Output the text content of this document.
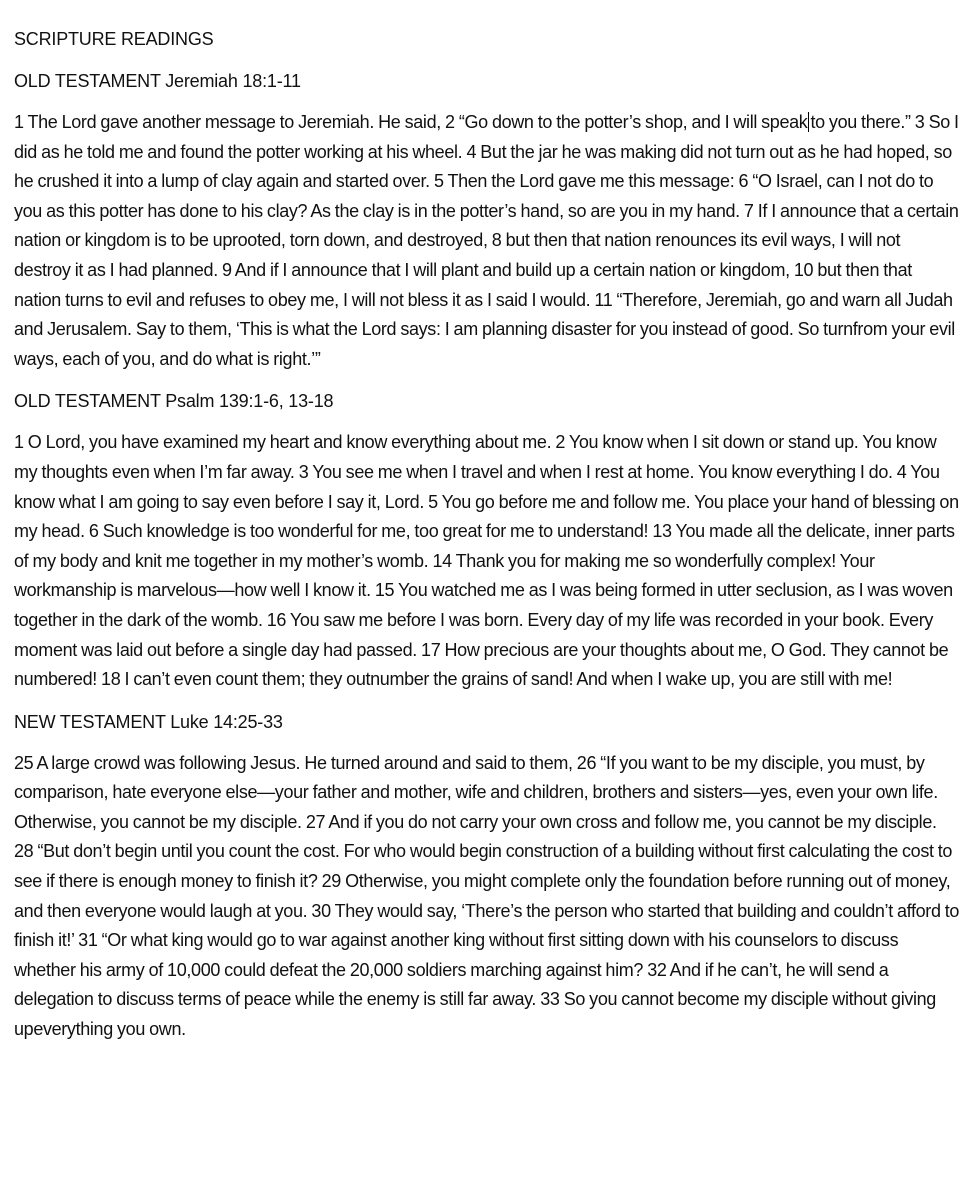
SCRIPTURE READINGS
OLD TESTAMENT Jeremiah 18:1-11

1 The Lord gave another message to Jeremiah. He said, 2 “Go down to the potter’s shop, and I will speak to you there.” 3 So I did as he told me and found the potter working at his wheel. 4 But the jar he was making did not turn out as he had hoped, so he crushed it into a lump of clay again and started over. 5 Then the Lord gave me this message: 6 “O Israel, can I not do to you as this potter has done to his clay? As the clay is in the potter’s hand, so are you in my hand. 7 If I announce that a certain nation or kingdom is to be uprooted, torn down, and destroyed, 8 but then that nation renounces its evil ways, I will not destroy it as I had planned. 9 And if I announce that I will plant and build up a certain nation or kingdom, 10 but then that nation turns to evil and refuses to obey me, I will not bless it as I said I would. 11 “Therefore, Jeremiah, go and warn all Judah and Jerusalem. Say to them, ‘This is what the Lord says: I am planning disaster for you instead of good. So turnfrom your evil ways, each of you, and do what is right.’”

OLD TESTAMENT Psalm 139:1-6, 13-18

1 O Lord, you have examined my heart and know everything about me. 2 You know when I sit down or stand up. You know my thoughts even when I’m far away. 3 You see me when I travel and when I rest at home. You know everything I do. 4 You know what I am going to say even before I say it, Lord. 5 You go before me and follow me. You place your hand of blessing on my head. 6 Such knowledge is too wonderful for me, too great for me to understand! 13 You made all the delicate, inner parts of my body and knit me together in my mother’s womb. 14 Thank you for making me so wonderfully complex! Your workmanship is marvelous—how well I know it. 15 You watched me as I was being formed in utter seclusion, as I was woven together in the dark of the womb. 16 You saw me before I was born. Every day of my life was recorded in your book. Every moment was laid out before a single day had passed. 17 How precious are your thoughts about me, O God. They cannot be numbered! 18 I can’t even count them; they outnumber the grains of sand! And when I wake up, you are still with me!

NEW TESTAMENT Luke 14:25-33

25 A large crowd was following Jesus. He turned around and said to them, 26 “If you want to be my disciple, you must, by comparison, hate everyone else—your father and mother, wife and children, brothers and sisters—yes, even your own life. Otherwise, you cannot be my disciple. 27 And if you do not carry your own cross and follow me, you cannot be my disciple. 28 “But don’t begin until you count the cost. For who would begin construction of a building without first calculating the cost to see if there is enough money to finish it? 29 Otherwise, you might complete only the foundation before running out of money, and then everyone would laugh at you. 30 They would say, ‘There’s the person who started that building and couldn’t afford to finish it!’ 31 “Or what king would go to war against another king without first sitting down with his counselors to discuss whether his army of 10,000 could defeat the 20,000 soldiers marching against him? 32 And if he can’t, he will send a delegation to discuss terms of peace while the enemy is still far away. 33 So you cannot become my disciple without giving upeverything you own.
